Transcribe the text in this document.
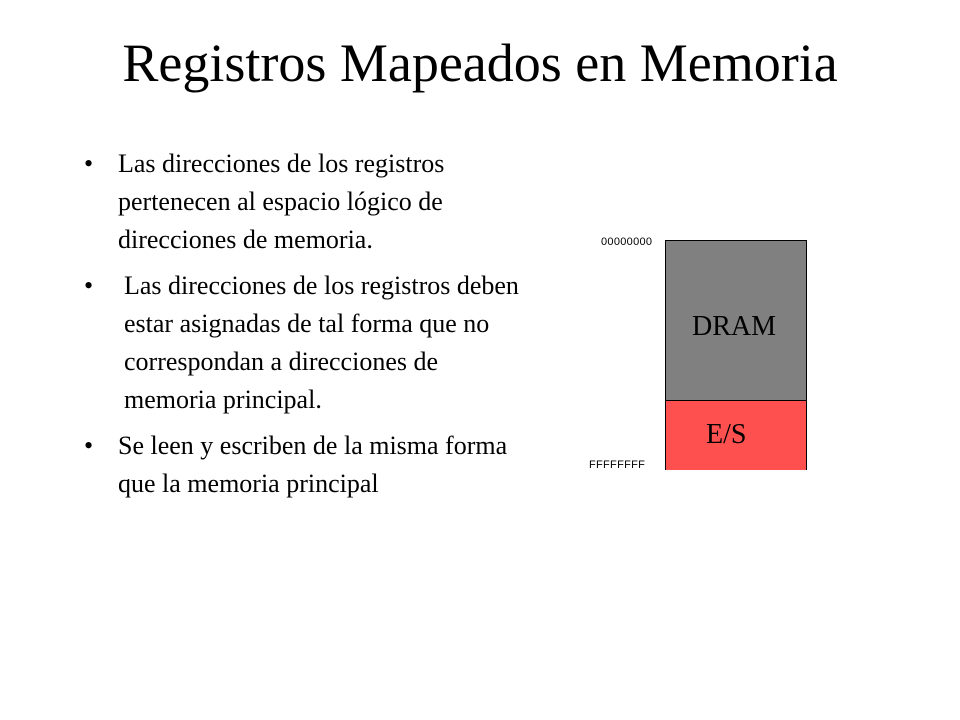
Registros Mapeados en Memoria
• Las direcciones de los registros pertenecen al espacio lógico de direcciones de memoria.
• Las direcciones de los registros deben estar asignadas de tal forma que no correspondan a direcciones de memoria principal.
• Se leen y escriben de la misma forma que la memoria principal
00000000
FFFFFFFF
DRAM
E/S
